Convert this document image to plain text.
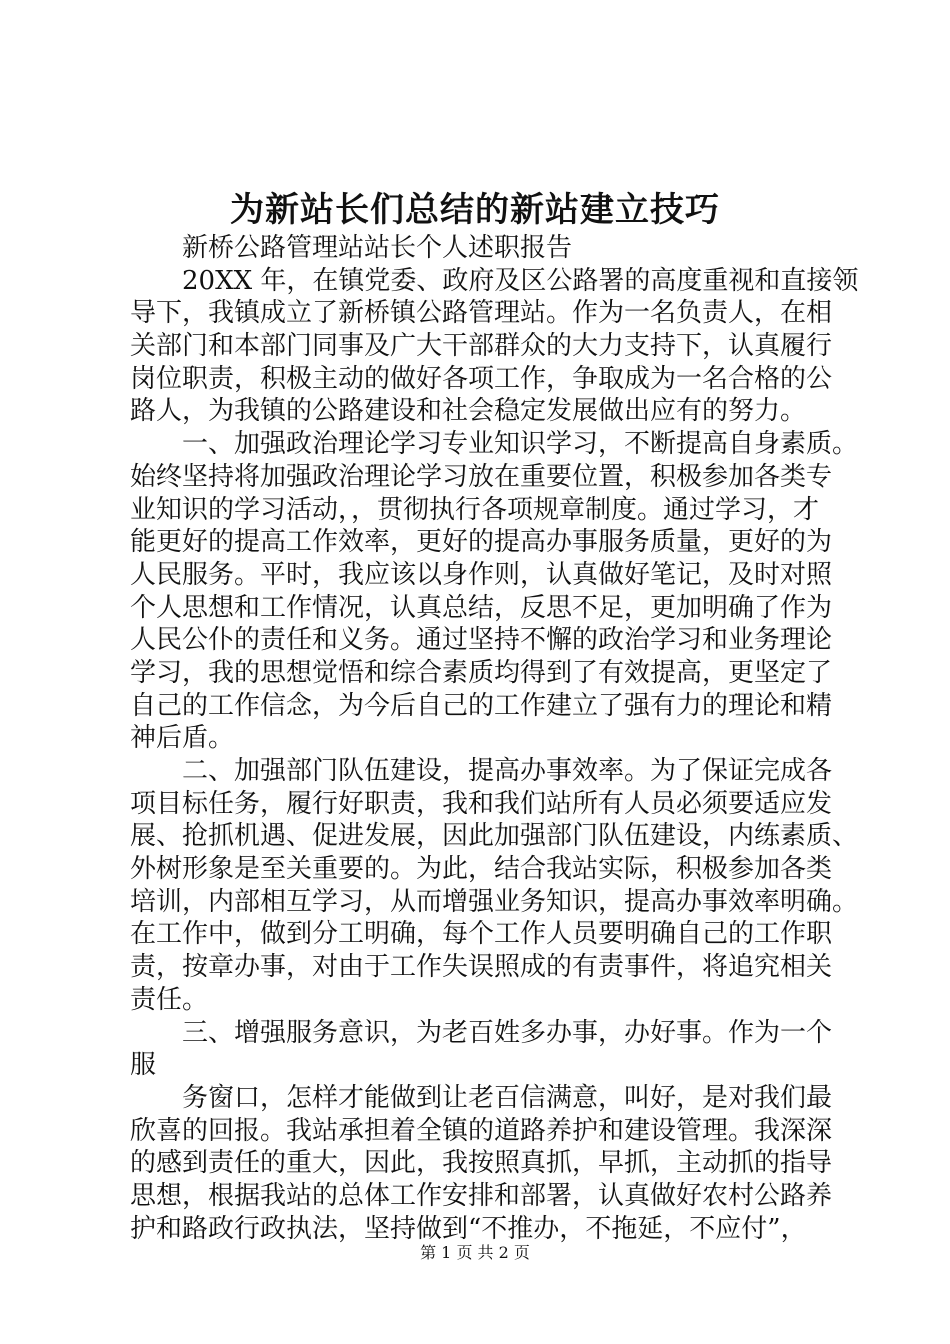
为新站长们总结的新站建立技巧
　　新桥公路管理站站长个人述职报告
　　20XX 年，在镇党委、政府及区公路署的高度重视和直接领
导下，我镇成立了新桥镇公路管理站。作为一名负责人，在相
关部门和本部门同事及广大干部群众的大力支持下，认真履行
岗位职责，积极主动的做好各项工作，争取成为一名合格的公
路人，为我镇的公路建设和社会稳定发展做出应有的努力。
　　一、加强政治理论学习专业知识学习，不断提高自身素质。
始终坚持将加强政治理论学习放在重要位置，积极参加各类专
业知识的学习活动，，贯彻执行各项规章制度。通过学习，才
能更好的提高工作效率，更好的提高办事服务质量，更好的为
人民服务。平时，我应该以身作则，认真做好笔记，及时对照
个人思想和工作情况，认真总结，反思不足，更加明确了作为
人民公仆的责任和义务。通过坚持不懈的政治学习和业务理论
学习，我的思想觉悟和综合素质均得到了有效提高，更坚定了
自己的工作信念，为今后自己的工作建立了强有力的理论和精
神后盾。
　　二、加强部门队伍建设，提高办事效率。为了保证完成各
项目标任务，履行好职责，我和我们站所有人员必须要适应发
展、抢抓机遇、促进发展，因此加强部门队伍建设，内练素质、
外树形象是至关重要的。为此，结合我站实际，积极参加各类
培训，内部相互学习，从而增强业务知识，提高办事效率明确。
在工作中，做到分工明确，每个工作人员要明确自己的工作职
责，按章办事，对由于工作失误照成的有责事件，将追究相关
责任。
　　三、增强服务意识，为老百姓多办事，办好事。作为一个
服
　　务窗口，怎样才能做到让老百信满意，叫好，是对我们最
欣喜的回报。我站承担着全镇的道路养护和建设管理。我深深
的感到责任的重大，因此，我按照真抓，早抓，主动抓的指导
思想，根据我站的总体工作安排和部署，认真做好农村公路养
护和路政行政执法，坚持做到“不推办，不拖延，不应付”，
第 1 页 共 2 页
